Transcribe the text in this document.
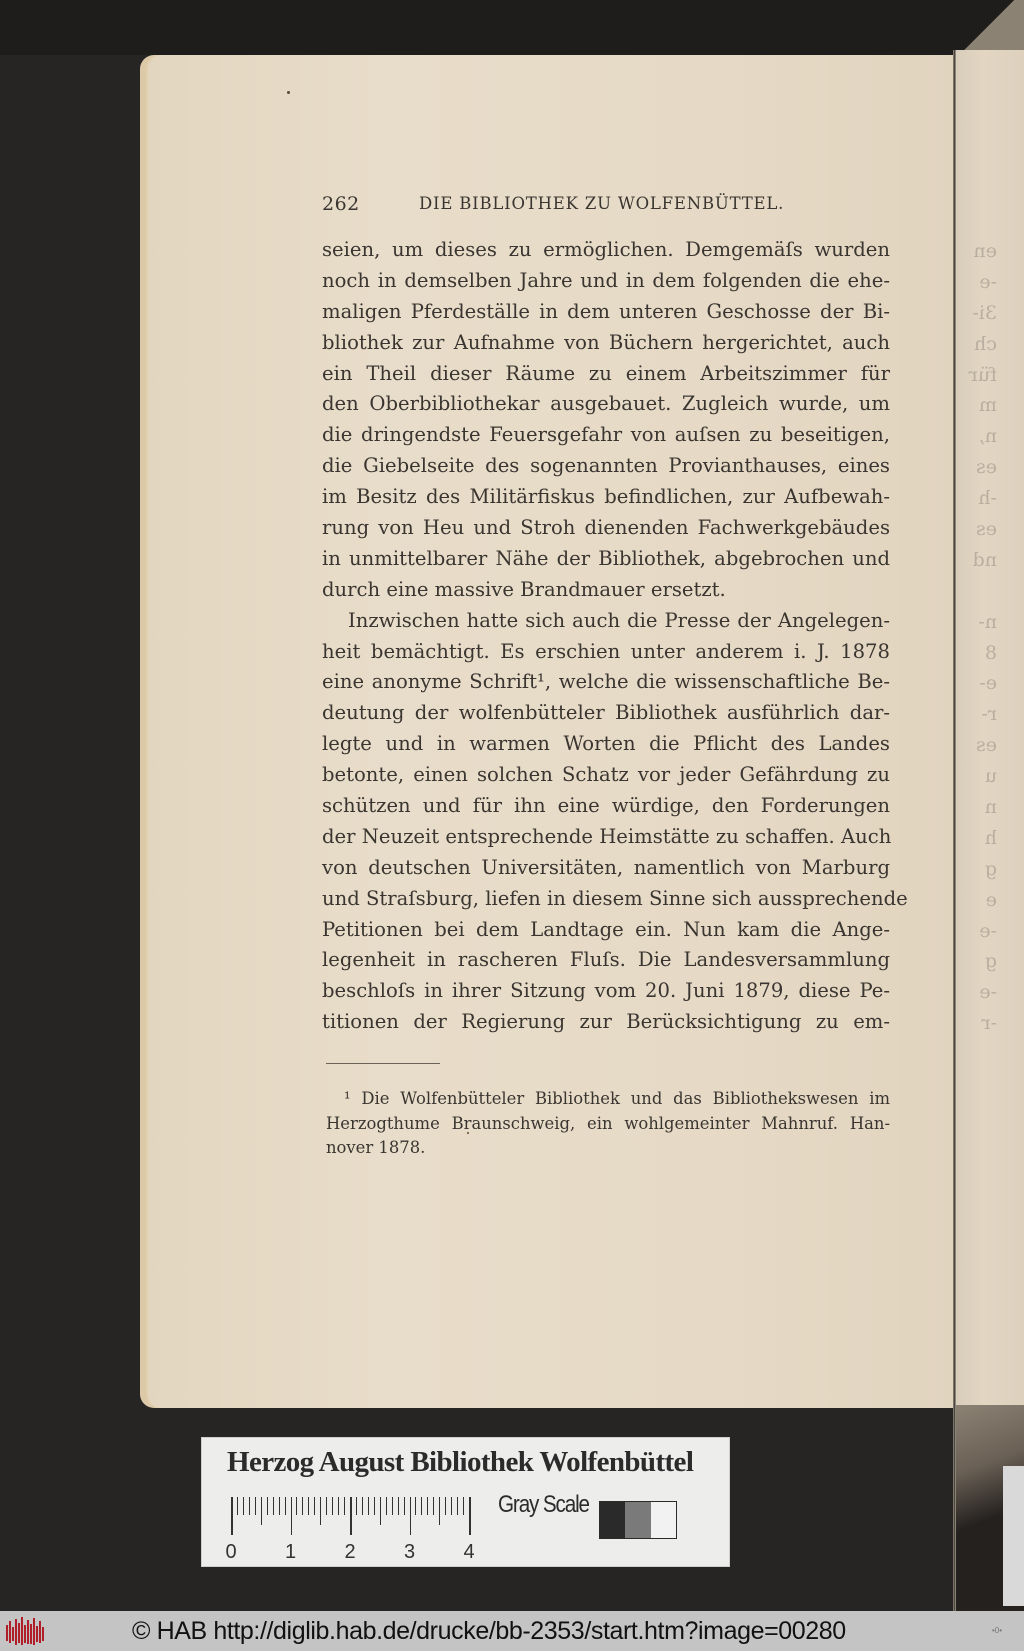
en
-e
3i-
ch
für
m
n,
es
-h
es
nd
n-
8
e-
r-
es
u
n
h
g
e
-e
g
-e
-r
262	DIE BIBLIOTHEK ZU WOLFENBÜTTEL.
seien, um dieses zu ermöglichen. Demgemäſs wurden
noch in demselben Jahre und in dem folgenden die ehe-
maligen Pferdeställe in dem unteren Geschosse der Bi-
bliothek zur Aufnahme von Büchern hergerichtet, auch
ein Theil dieser Räume zu einem Arbeitszimmer für
den Oberbibliothekar ausgebauet. Zugleich wurde, um
die dringendste Feuersgefahr von auſsen zu beseitigen,
die Giebelseite des sogenannten Provianthauses, eines
im Besitz des Militärfiskus befindlichen, zur Aufbewah-
rung von Heu und Stroh dienenden Fachwerkgebäudes
in unmittelbarer Nähe der Bibliothek, abgebrochen und
durch eine massive Brandmauer ersetzt.
Inzwischen hatte sich auch die Presse der Angelegen-
heit bemächtigt. Es erschien unter anderem i. J. 1878
eine anonyme Schrift¹, welche die wissenschaftliche Be-
deutung der wolfenbütteler Bibliothek ausführlich dar-
legte und in warmen Worten die Pflicht des Landes
betonte, einen solchen Schatz vor jeder Gefährdung zu
schützen und für ihn eine würdige, den Forderungen
der Neuzeit entsprechende Heimstätte zu schaffen. Auch
von deutschen Universitäten, namentlich von Marburg
und Straſsburg, liefen in diesem Sinne sich aussprechende
Petitionen bei dem Landtage ein. Nun kam die Ange-
legenheit in rascheren Fluſs. Die Landesversammlung
beschloſs in ihrer Sitzung vom 20. Juni 1879, diese Pe-
titionen der Regierung zur Berücksichtigung zu em-
¹ Die Wolfenbütteler Bibliothek und das Bibliothekswesen im
Herzogthume Braunschweig, ein wohlgemeinter Mahnruf. Han-
nover 1878.
Herzog August Bibliothek Wolfenbüttel
0 1 2 3 4
Gray Scale
© HAB http://diglib.hab.de/drucke/bb-2353/start.htm?image=00280	•0•
